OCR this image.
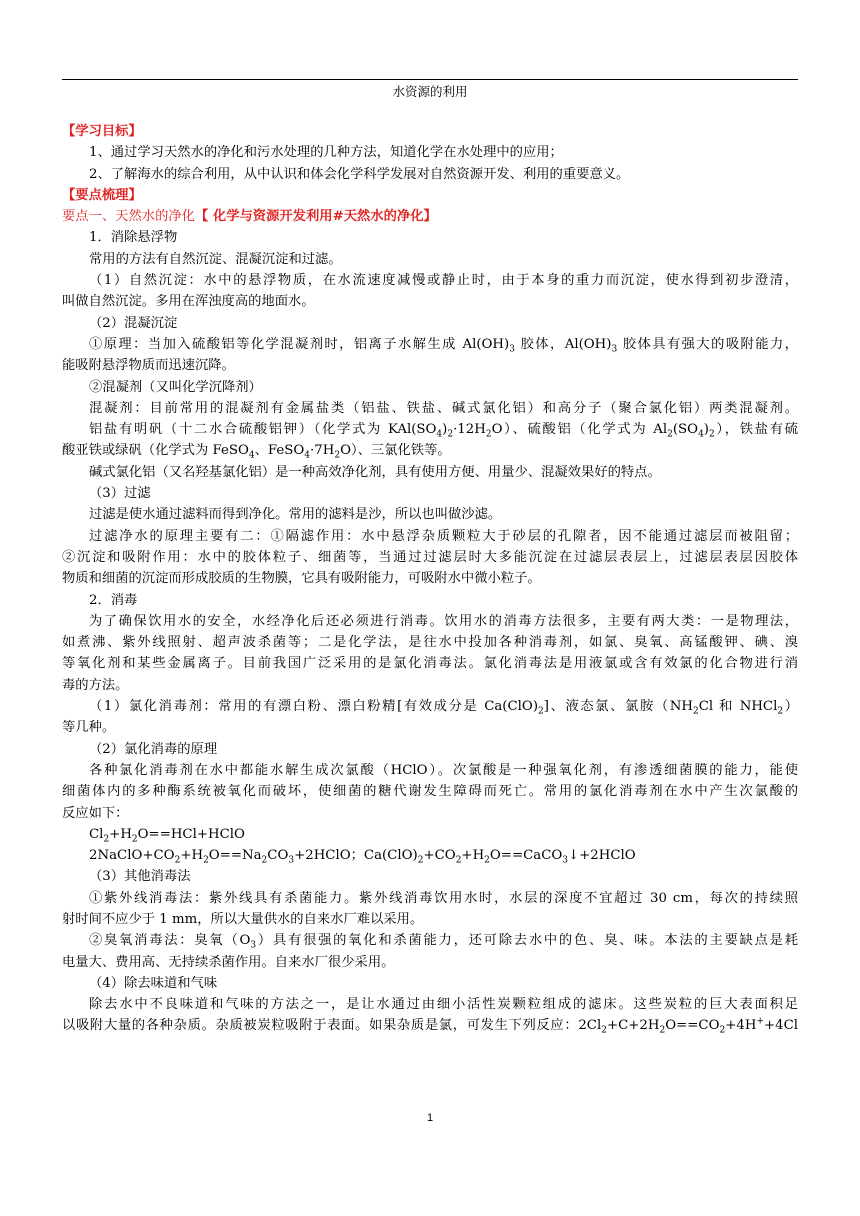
水资源的利用
【学习目标】
1、通过学习天然水的净化和污水处理的几种方法，知道化学在水处理中的应用；
2、了解海水的综合利用，从中认识和体会化学科学发展对自然资源开发、利用的重要意义。
【要点梳理】
要点一、天然水的净化【 化学与资源开发利用#天然水的净化】
1．消除悬浮物
常用的方法有自然沉淀、混凝沉淀和过滤。
（1）自然沉淀：水中的悬浮物质，在水流速度减慢或静止时，由于本身的重力而沉淀，使水得到初步澄清，
叫做自然沉淀。多用在浑浊度高的地面水。
（2）混凝沉淀
①原理：当加入硫酸铝等化学混凝剂时，铝离子水解生成 $Al(OH)_3$ 胶体，$Al(OH)_3$ 胶体具有强大的吸附能力，
能吸附悬浮物质而迅速沉降。
②混凝剂（又叫化学沉降剂）
混凝剂：目前常用的混凝剂有金属盐类（铝盐、铁盐、碱式氯化铝）和高分子（聚合氯化铝）两类混凝剂。
铝盐有明矾（十二水合硫酸铝钾）（化学式为 $KAl(SO_4)_2\cdot 12H_2O$）、硫酸铝（化学式为 $Al_2(SO_4)_2$），铁盐有硫
酸亚铁或绿矾（化学式为 FeSO$_4$、$FeSO_4\cdot 7H_2O$）、三氯化铁等。
碱式氯化铝（又名羟基氯化铝）是一种高效净化剂，具有使用方便、用量少、混凝效果好的特点。
（3）过滤
过滤是使水通过滤料而得到净化。常用的滤料是沙，所以也叫做沙滤。
过滤净水的原理主要有二：①隔滤作用：水中悬浮杂质颗粒大于砂层的孔隙者，因不能通过滤层而被阻留；
②沉淀和吸附作用：水中的胶体粒子、细菌等，当通过过滤层时大多能沉淀在过滤层表层上，过滤层表层因胶体
物质和细菌的沉淀而形成胶质的生物膜，它具有吸附能力，可吸附水中微小粒子。
2．消毒
为了确保饮用水的安全，水经净化后还必须进行消毒。饮用水的消毒方法很多，主要有两大类：一是物理法，
如煮沸、紫外线照射、超声波杀菌等；二是化学法，是往水中投加各种消毒剂，如氯、臭氧、高锰酸钾、碘、溴
等氧化剂和某些金属离子。目前我国广泛采用的是氯化消毒法。氯化消毒法是用液氯或含有效氯的化合物进行消
毒的方法。
（1）氯化消毒剂：常用的有漂白粉、漂白粉精[有效成分是 $Ca(ClO)_2$]、液态氯、氯胺（$NH_2Cl$ 和 NHCl$_2$）
等几种。
（2）氯化消毒的原理
各种氯化消毒剂在水中都能水解生成次氯酸（HClO）。次氯酸是一种强氧化剂，有渗透细菌膜的能力，能使
细菌体内的多种酶系统被氧化而破坏，使细菌的糖代谢发生障碍而死亡。常用的氯化消毒剂在水中产生次氯酸的
反应如下：
$Cl_2+H_2O==HCl+HClO$
$2NaClO+CO_2+H_2O==Na_2CO_3+2HClO$；$Ca(ClO)_2+CO_2+H_2O==CaCO_3↓+2HClO$
（3）其他消毒法
①紫外线消毒法：紫外线具有杀菌能力。紫外线消毒饮用水时，水层的深度不宜超过 30 cm，每次的持续照
射时间不应少于 1 mm，所以大量供水的自来水厂难以采用。
②臭氧消毒法：臭氧$(O_3)$具有很强的氧化和杀菌能力，还可除去水中的色、臭、味。本法的主要缺点是耗
电量大、费用高、无持续杀菌作用。自来水厂很少采用。
（4）除去味道和气味
除去水中不良味道和气味的方法之一，是让水通过由细小活性炭颗粒组成的滤床。这些炭粒的巨大表面积足
以吸附大量的各种杂质。杂质被炭粒吸附于表面。如果杂质是氯，可发生下列反应：$2Cl_2+C+2H_2O==CO_2+4H^++4Cl$
1
